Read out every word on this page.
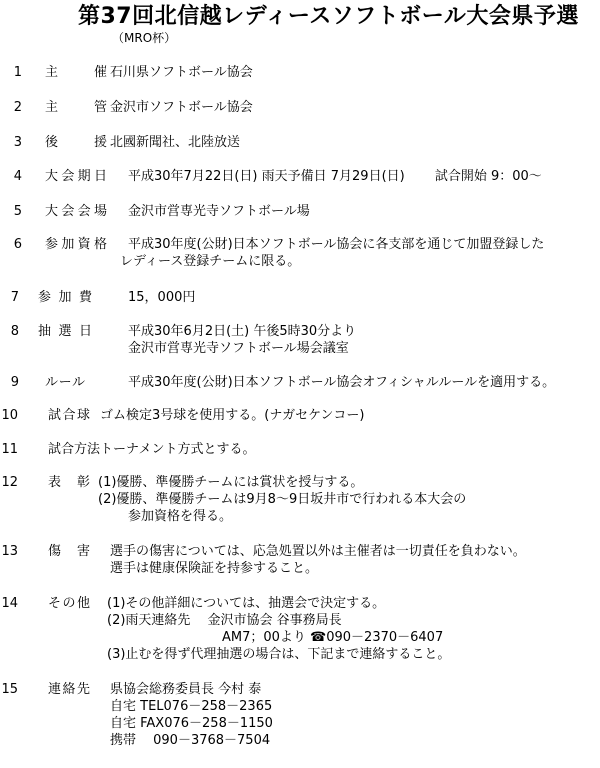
第37回北信越レディースソフトボール大会県予選
（MRO杯）
1 主催 石川県ソフトボール協会
2 主管 金沢市ソフトボール協会
3 後援 北國新聞社、北陸放送
4 大会期日 平成30年7月22日(日) 雨天予備日 7月29日(日)　　 試合開始 9：00～
5 大会会場 金沢市営専光寺ソフトボール場
6 参加資格 平成30年度(公財)日本ソフトボール協会に各支部を通じて加盟登録した
レディース登録チームに限る。
7 参加費	15，000円
8 抽選日	平成30年6月2日(土) 午後5時30分より
金沢市営専光寺ソフトボール場会議室
9 ルール	平成30年度(公財)日本ソフトボール協会オフィシャルルールを適用する。
10 試合球 ゴム検定3号球を使用する。(ナガセケンコー)
11 試合方法 トーナメント方式とする。
12 表彰 (1)優勝、準優勝チームには賞状を授与する。
(2)優勝、準優勝チームは9月8～9日坂井市で行われる本大会の
参加資格を得る。
13 傷害 選手の傷害については、応急処置以外は主催者は一切責任を負わない。
選手は健康保険証を持参すること。
14 その他 (1)その他詳細については、抽選会で決定する。
(2)雨天連絡先　 金沢市協会 谷事務局長
AM7；00より ☎090－2370－6407
(3)止むを得ず代理抽選の場合は、下記まで連絡すること。
15 連絡先 県協会総務委員長 今村 泰
自宅 TEL076－258－2365
自宅 FAX076－258－1150
携帯　 090－3768－7504
